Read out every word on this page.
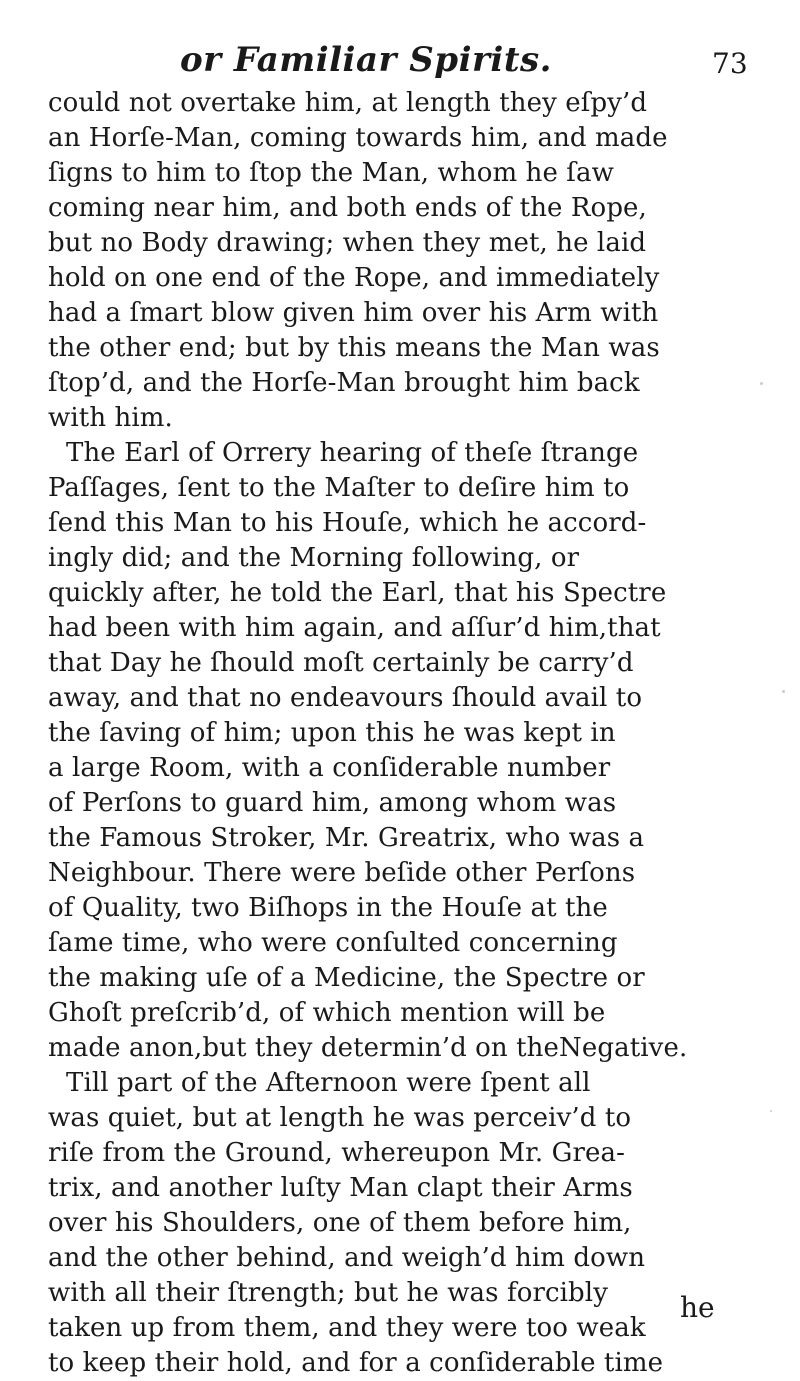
or Familiar Spirits.	73
could not overtake him, at length they eſpy’d
an Horſe-Man, coming towards him, and made
ſigns to him to ſtop the Man, whom he ſaw
coming near him, and both ends of the Rope,
but no Body drawing; when they met, he laid
hold on one end of the Rope, and immediately
had a ſmart blow given him over his Arm with
the other end; but by this means the Man was
ſtop’d, and the Horſe-Man brought him back
with him.
The Earl of Orrery hearing of theſe ſtrange
Paſſages, ſent to the Maſter to deſire him to
ſend this Man to his Houſe, which he accord-
ingly did; and the Morning following, or
quickly after, he told the Earl, that his Spectre
had been with him again, and aſſur’d him,that
that Day he ſhould moſt certainly be carry’d
away, and that no endeavours ſhould avail to
the ſaving of him; upon this he was kept in
a large Room, with a conſiderable number
of Perſons to guard him, among whom was
the Famous Stroker, Mr. Greatrix, who was a
Neighbour. There were beſide other Perſons
of Quality, two Biſhops in the Houſe at the
ſame time, who were conſulted concerning
the making uſe of a Medicine, the Spectre or
Ghoſt preſcrib’d, of which mention will be
made anon,but they determin’d on theNegative.
Till part of the Afternoon were ſpent all
was quiet, but at length he was perceiv’d to
riſe from the Ground, whereupon Mr. Grea-
trix, and another luſty Man clapt their Arms
over his Shoulders, one of them before him,
and the other behind, and weigh’d him down
with all their ſtrength; but he was forcibly
taken up from them, and they were too weak
to keep their hold, and for a conſiderable time
he
